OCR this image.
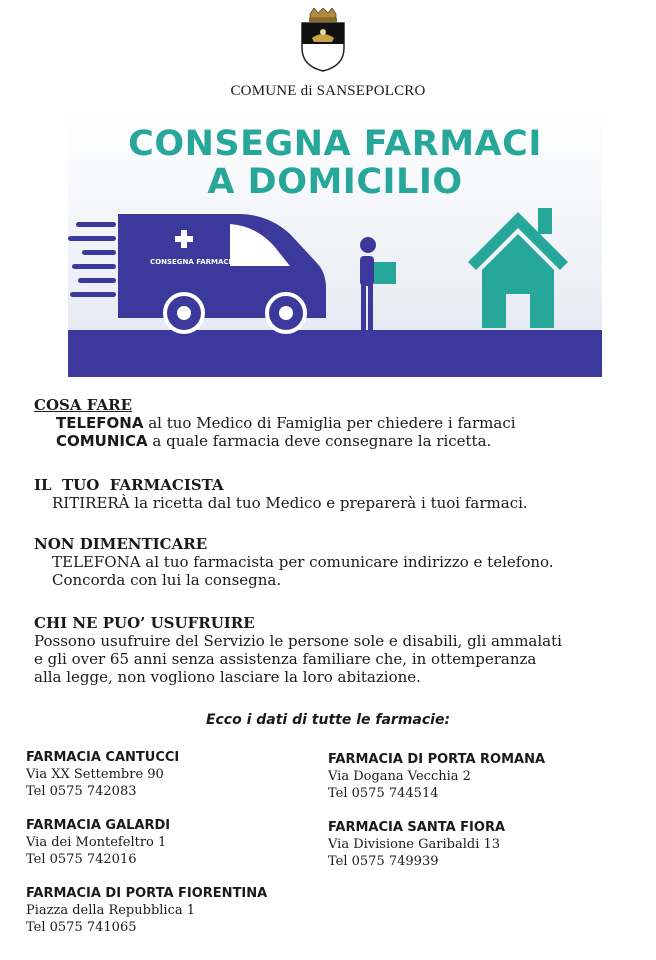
COMUNE di SANSEPOLCRO
CONSEGNA FARMACI
A DOMICILIO
CONSEGNA FARMACI
COSA FARE
TELEFONA al tuo Medico di Famiglia per chiedere i farmaci
COMUNICA a quale farmacia deve consegnare la ricetta.
IL  TUO  FARMACISTA
RITIRERÀ la ricetta dal tuo Medico e preparerà i tuoi farmaci.
NON DIMENTICARE
TELEFONA al tuo farmacista per comunicare indirizzo e telefono.
Concorda con lui la consegna.
CHI NE PUO’ USUFRUIRE
Possono usufruire del Servizio le persone sole e disabili, gli ammalati
e gli over 65 anni senza assistenza familiare che, in ottemperanza
alla legge, non vogliono lasciare la loro abitazione.
Ecco i dati di tutte le farmacie:
FARMACIA CANTUCCI
Via XX Settembre 90
Tel 0575 742083
FARMACIA GALARDI
Via dei Montefeltro 1
Tel 0575 742016
FARMACIA DI PORTA FIORENTINA
Piazza della Repubblica 1
Tel 0575 741065
FARMACIA DI PORTA ROMANA
Via Dogana Vecchia 2
Tel 0575 744514
FARMACIA SANTA FIORA
Via Divisione Garibaldi 13
Tel 0575 749939
